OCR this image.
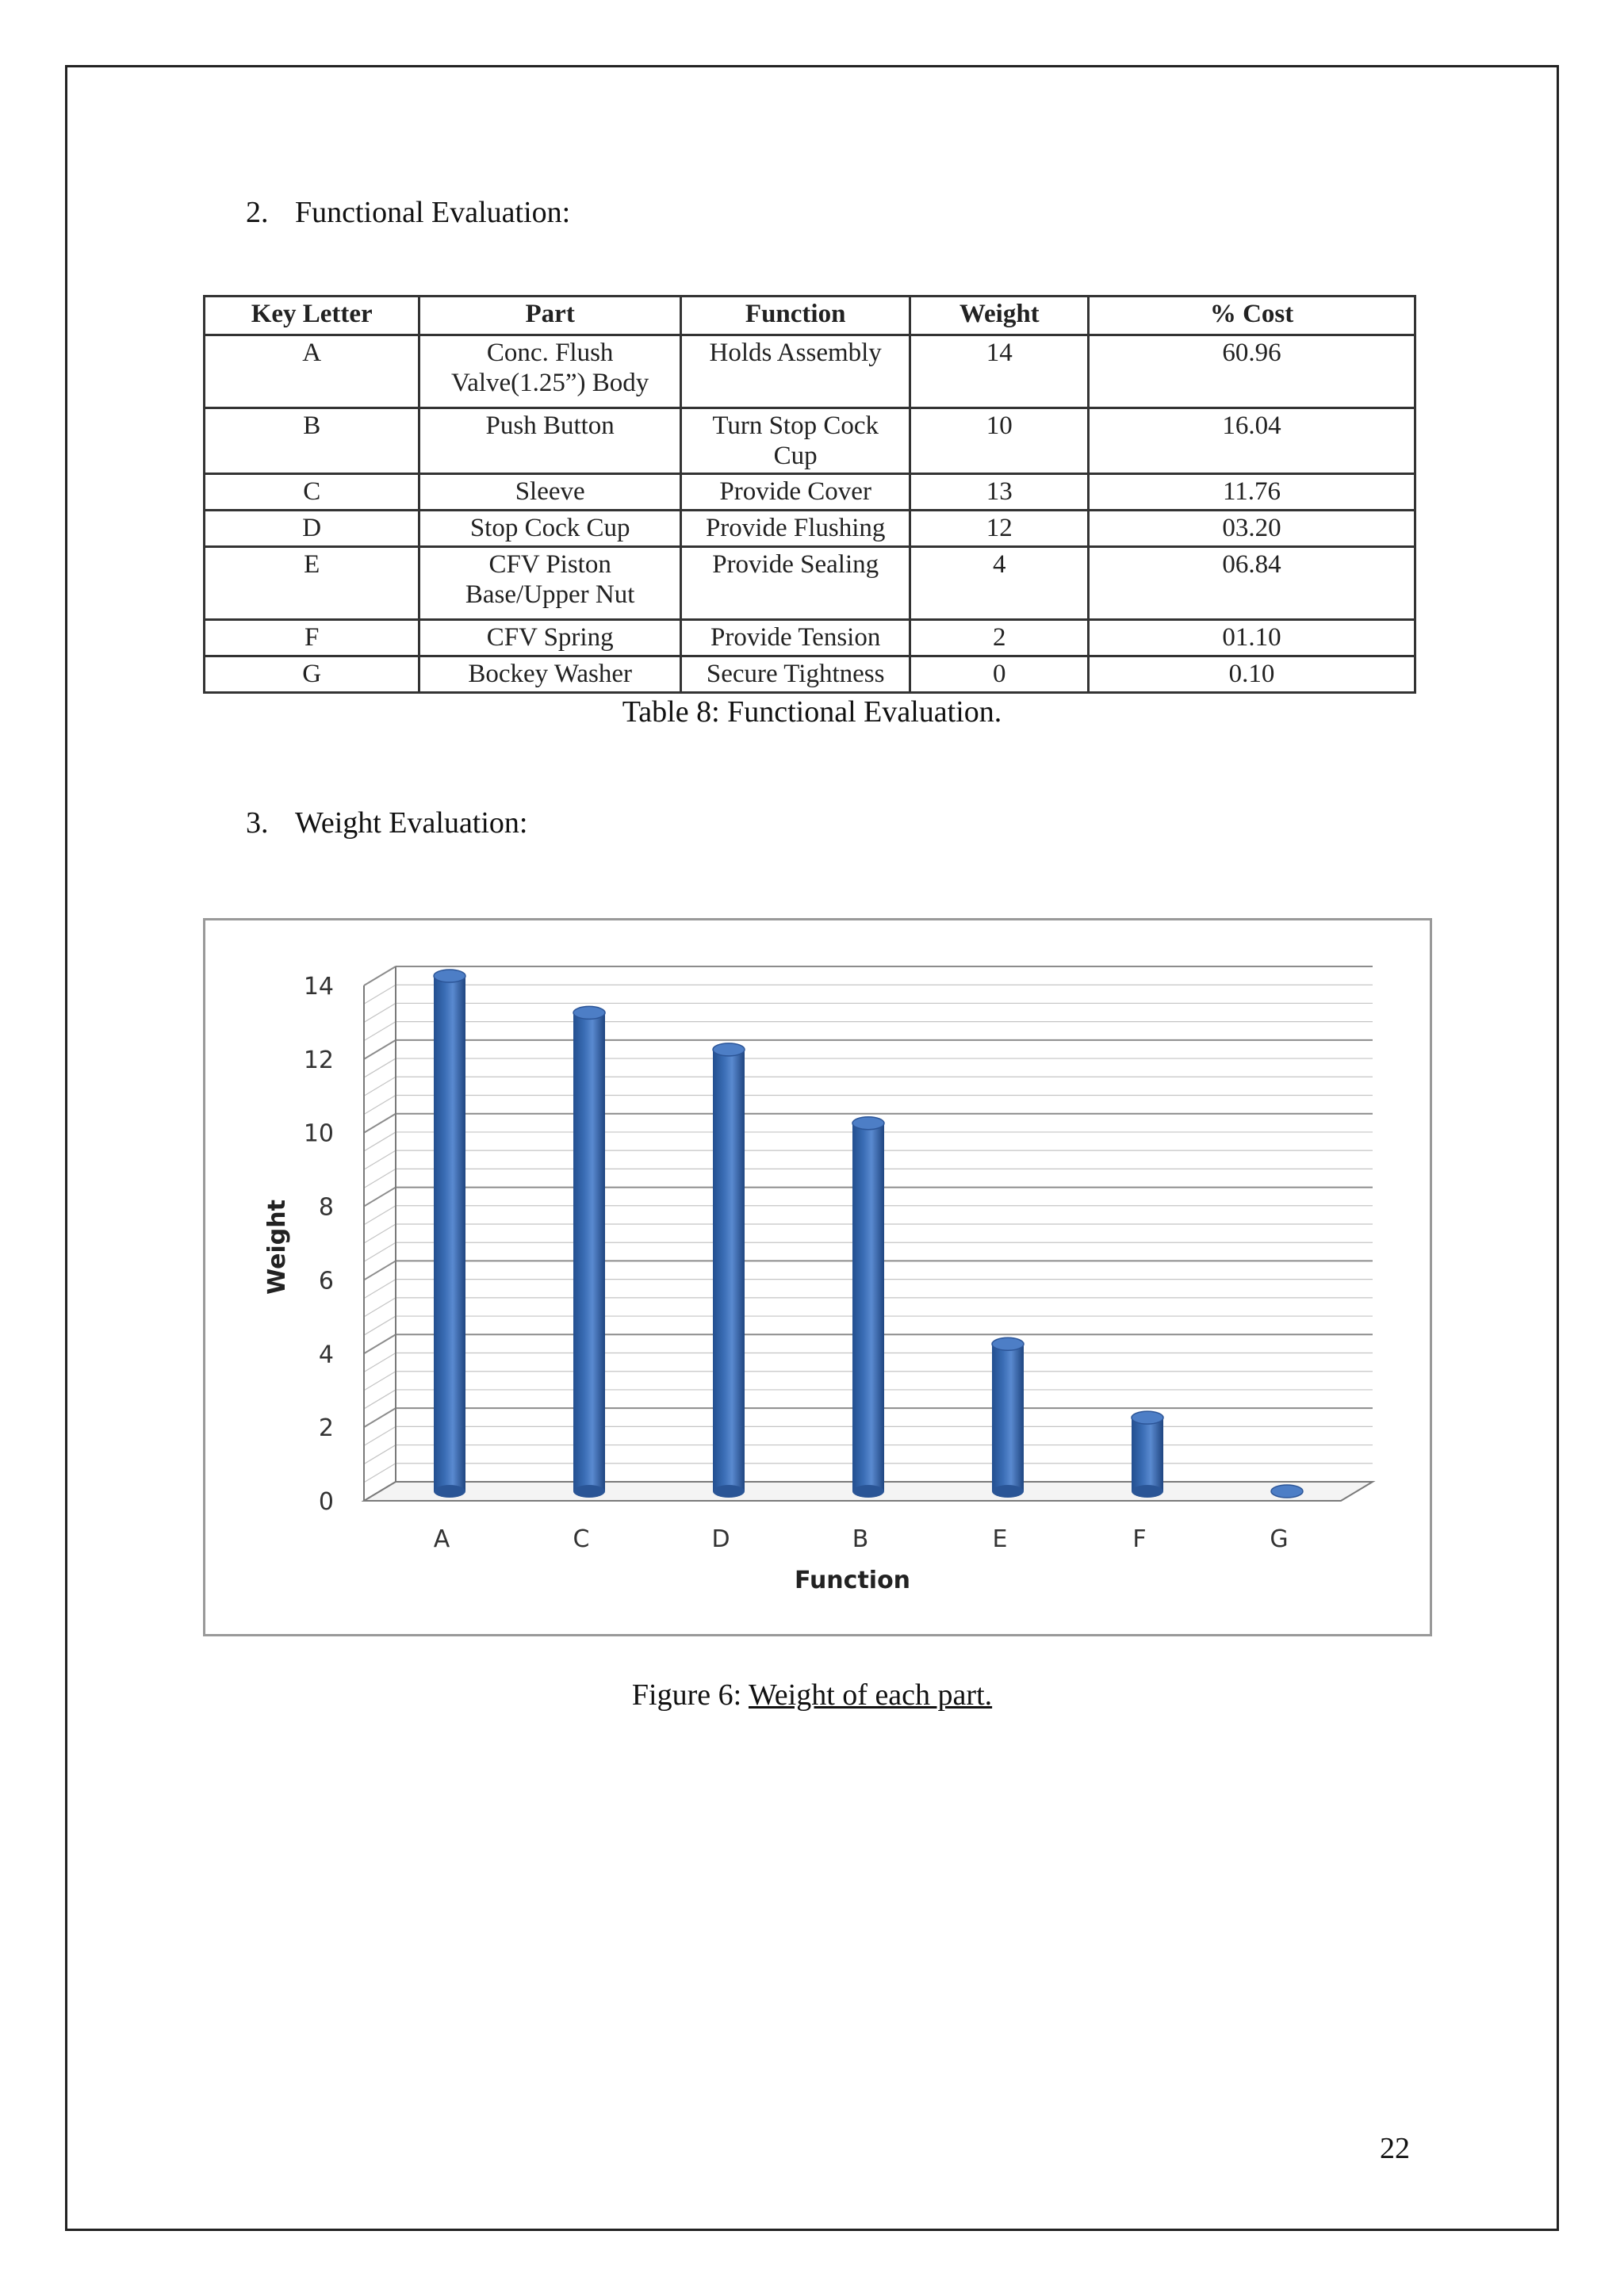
2. Functional Evaluation:
Key Letter	Part	Function	Weight	% Cost
A	Conc. Flush Valve(1.25”) Body	Holds Assembly	14	60.96
B	Push Button	Turn Stop Cock Cup	10	16.04
C	Sleeve	Provide Cover	13	11.76
D	Stop Cock Cup	Provide Flushing	12	03.20
E	CFV Piston Base/Upper Nut	Provide Sealing	4	06.84
F	CFV Spring	Provide Tension	2	01.10
G	Bockey Washer	Secure Tightness	0	0.10
Table 8: Functional Evaluation.
3. Weight Evaluation:
0
2
4
6
8
10
12
14
A	C	D	B	E	F	G
Function
Weight
Figure 6: Weight of each part.
22
